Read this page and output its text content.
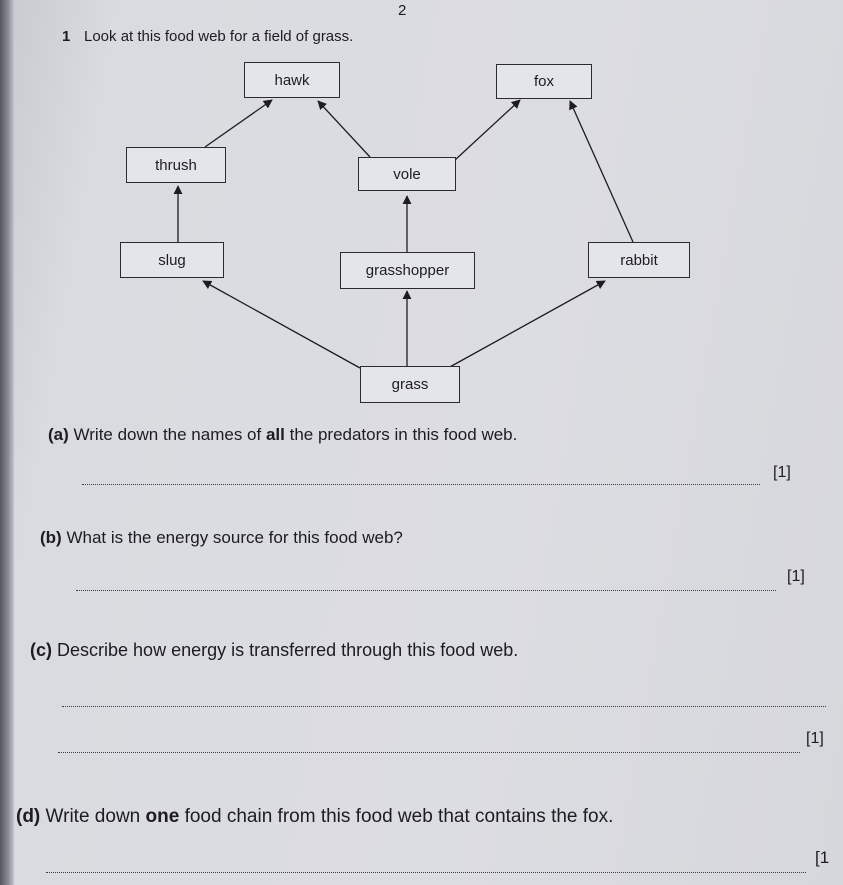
2
1 Look at this food web for a field of grass.
hawk	fox
thrush
vole
slug
grasshopper
rabbit
grass
(a) Write down the names of all the predators in this food web.
[1]
(b) What is the energy source for this food web?
[1]
(c) Describe how energy is transferred through this food web.
[1]
(d) Write down one food chain from this food web that contains the fox.
[1
